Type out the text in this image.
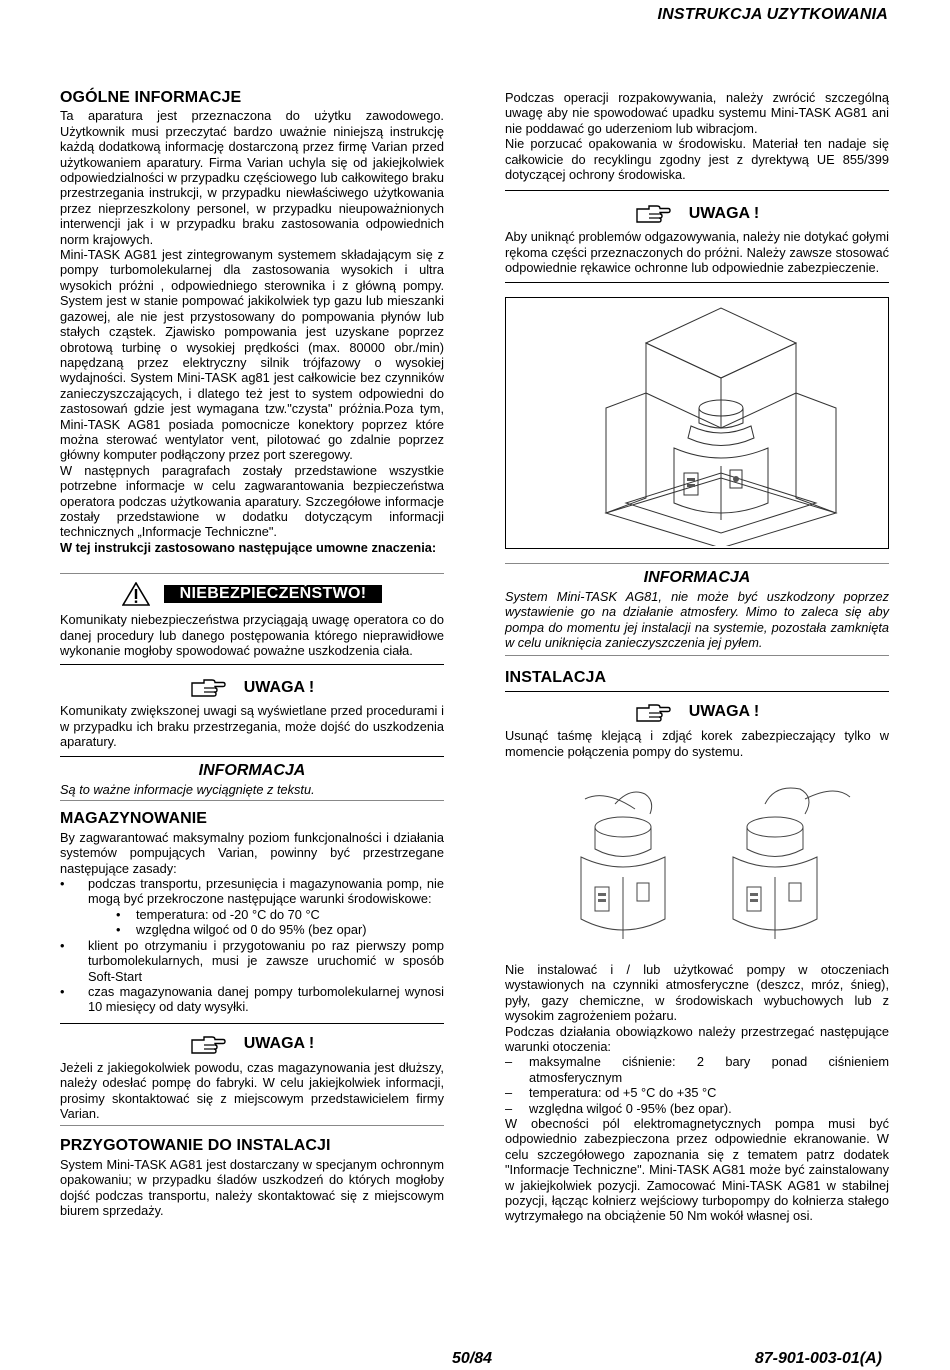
INSTRUKCJA UZYTKOWANIA
OGÓLNE INFORMACJE

Ta aparatura jest przeznaczona do użytku zawodowego. Użytkownik musi przeczytać bardzo uważnie niniejszą instrukcję każdą dodatkową informację dostarczoną przez firmę Varian przed użytkowaniem aparatury. Firma Varian uchyla się od jakiejkolwiek odpowiedzialności w przypadku częściowego lub całkowitego braku przestrzegania instrukcji, w przypadku niewłaściwego użytkowania przez nieprzeszkolony personel, w przypadku nieupoważnionych interwencji jak i w przypadku braku zastosowania odpowiednich norm krajowych.

Mini-TASK AG81 jest zintegrowanym systemem składającym się z pompy turbomolekularnej dla zastosowania wysokich i ultra wysokich próżni , odpowiedniego sterownika i z główną pompy. System jest w stanie pompować jakikolwiek typ gazu lub mieszanki gazowej, ale nie jest przystosowany do pompowania płynów lub stałych cząstek. Zjawisko pompowania jest uzyskane poprzez obrotową turbinę o wysokiej prędkości (max. 80000 obr./min) napędzaną przez elektryczny silnik trójfazowy o wysokiej wydajności. System Mini-TASK ag81 jest całkowicie bez czynników zanieczyszczających, i dlatego też jest to system odpowiedni do zastosowań gdzie jest wymagana tzw."czysta" próżnia.Poza tym, Mini-TASK AG81 posiada pomocnicze konektory poprzez które można sterować wentylator vent, pilotować go zdalnie poprzez główny komputer podłączony przez port szeregowy.

W następnych paragrafach zostały przedstawione wszystkie potrzebne informacje w celu zagwarantowania bezpieczeństwa operatora podczas użytkowania aparatury. Szczegółowe informacje zostały przedstawione w dodatku dotyczącym informacji technicznych „Informacje Techniczne".

W tej instrukcji zastosowano następujące umowne znaczenia:

NIEBEZPIECZEŃSTWO!

Komunikaty niebezpieczeństwa przyciągają uwagę operatora co do danej procedury lub danego postępowania którego nieprawidłowe wykonanie mogłoby spowodować poważne uszkodzenia ciała.

UWAGA !

Komunikaty zwiększonej uwagi są wyświetlane przed procedurami i w przypadku ich braku przestrzegania, może dojść do uszkodzenia aparatury.

INFORMACJA

Są to ważne informacje wyciągnięte z tekstu.

MAGAZYNOWANIE

By zagwarantować maksymalny poziom funkcjonalności i działania systemów pompujących Varian, powinny być przestrzegane następujące zasady:

• podczas transportu, przesunięcia i magazynowania pomp, nie mogą być przekroczone następujące warunki środowiskowe:
• temperatura: od -20 °C do 70 °C
• względna wilgoć od 0 do 95% (bez opar)
• klient po otrzymaniu i przygotowaniu po raz pierwszy pomp turbomolekularnych, musi je zawsze uruchomić w sposób Soft-Start
• czas magazynowania danej pompy turbomolekularnej wynosi 10 miesięcy od daty wysyłki.
UWAGA !

Jeżeli z jakiegokolwiek powodu, czas magazynowania jest dłuższy, należy odesłać pompę do fabryki. W celu jakiejkolwiek informacji, prosimy skontaktować się z miejscowym przedstawicielem firmy Varian.

PRZYGOTOWANIE DO INSTALACJI

System Mini-TASK AG81 jest dostarczany w specjanym ochronnym opakowaniu; w przypadku śladów uszkodzeń do których mogłoby dojść podczas transportu, należy skontaktować się z miejscowym biurem sprzedaży.

Podczas operacji rozpakowywania, należy zwrócić szczególną uwagę aby nie spowodować upadku systemu Mini-TASK AG81 ani nie poddawać go uderzeniom lub wibracjom.

Nie porzucać opakowania w środowisku. Materiał ten nadaje się całkowicie do recyklingu zgodny jest z dyrektywą UE 855/399 dotyczącej ochrony środowiska.

UWAGA !

Aby uniknąć problemów odgazowywania, należy nie dotykać gołymi rękoma części przeznaczonych do próżni. Należy zawsze stosować odpowiednie rękawice ochronne lub odpowiednie zabezpieczenie.

INFORMACJA

System Mini-TASK AG81, nie może być uszkodzony poprzez wystawienie go na działanie atmosfery. Mimo to zaleca się aby pompa do momentu jej instalacji na systemie, pozostała zamknięta w celu uniknięcia zanieczyszczenia jej pyłem.

INSTALACJA
UWAGA !

Usunąć taśmę klejącą i zdjąć korek zabezpieczający tylko w momencie połączenia pompy do systemu.

Nie instalować i / lub użytkować pompy w otoczeniach wystawionych na czynniki atmosferyczne (deszcz, mróz, śnieg), pyły, gazy chemiczne, w środowiskach wybuchowych lub z wysokim zagrożeniem pożaru.

Podczas działania obowiązkowo należy przestrzegać następujące warunki otoczenia:

– maksymalne ciśnienie: 2 bary ponad ciśnieniem atmosferycznym
– temperatura: od +5 °C do +35 °C
– względna wilgoć 0 -95% (bez opar).

W obecności pól elektromagnetycznych pompa musi być odpowiednio zabezpieczona przez odpowiednie ekranowanie. W celu szczegółowego zapoznania się z tematem patrz dodatek "Informacje Techniczne". Mini-TASK AG81 może być zainstalowany w jakiejkolwiek pozycji. Zamocować Mini-TASK AG81 w stabilnej pozycji, łącząc kołnierz wejściowy turbopompy do kołnierza stałego wytrzymałego na obciążenie 50 Nm wokół własnej osi.

50/84	87-901-003-01(A)
